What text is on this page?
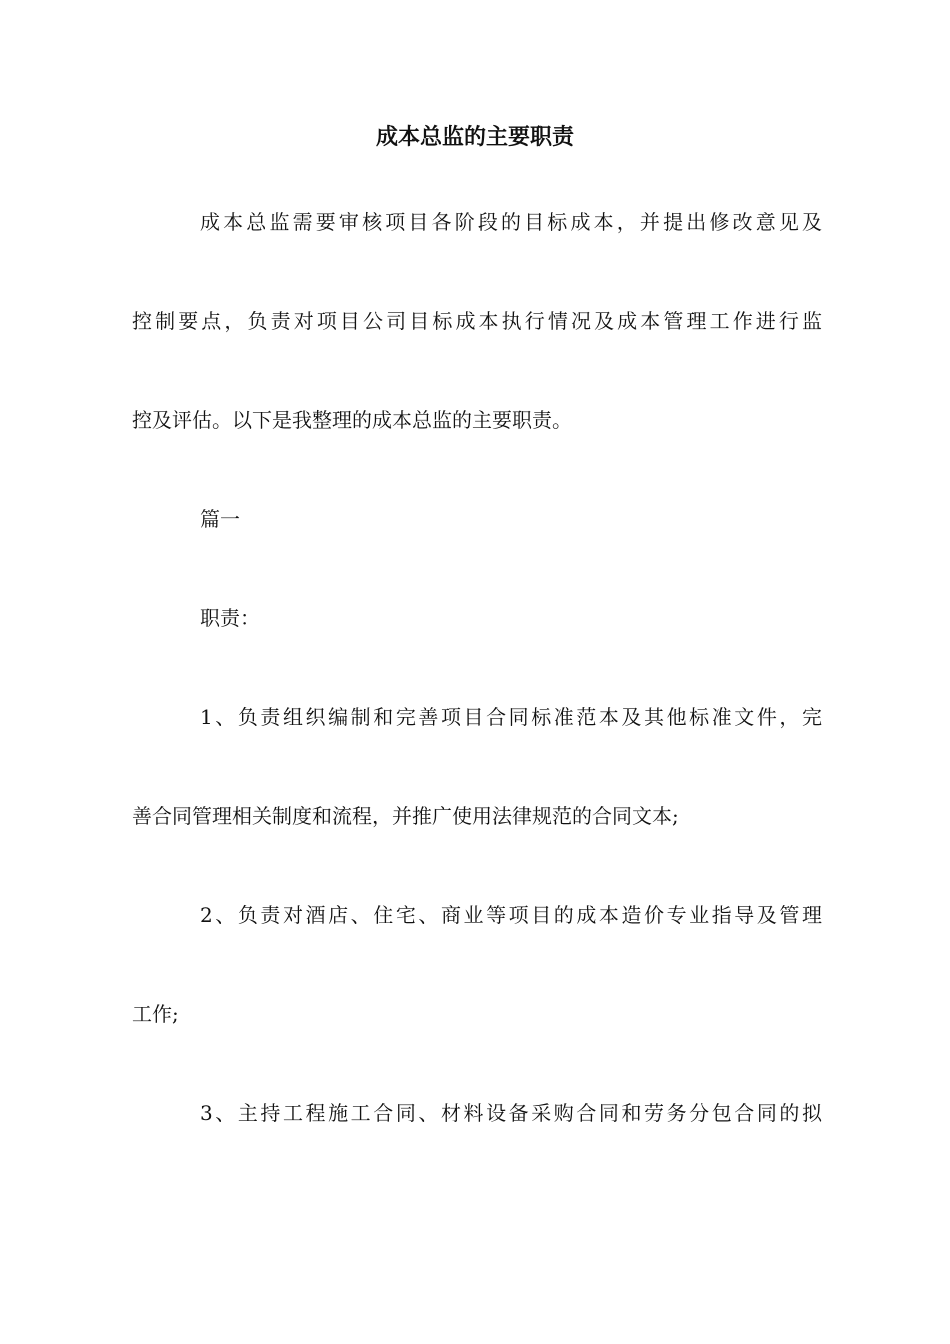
成本总监的主要职责

成本总监需要审核项目各阶段的目标成本，并提出修改意见及

控制要点，负责对项目公司目标成本执行情况及成本管理工作进行监

控及评估。以下是我整理的成本总监的主要职责。

篇一

职责：

1、负责组织编制和完善项目合同标准范本及其他标准文件，完

善合同管理相关制度和流程，并推广使用法律规范的合同文本;

2、负责对酒店、住宅、商业等项目的成本造价专业指导及管理

工作;

3、主持工程施工合同、材料设备采购合同和劳务分包合同的拟
